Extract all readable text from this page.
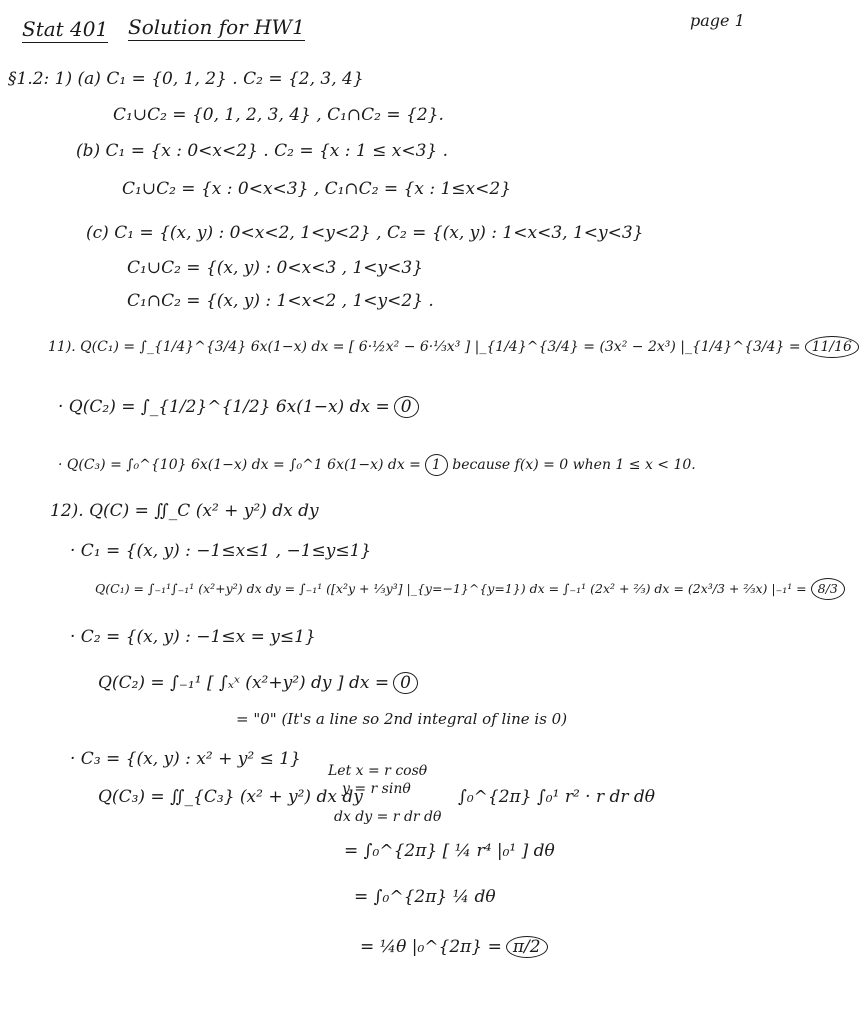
Stat 401 Solution for HW1	page 1
§1.2: 1) (a) C₁ = {0, 1, 2} . C₂ = {2, 3, 4}
C₁∪C₂ = {0, 1, 2, 3, 4} , C₁∩C₂ = {2}.
(b) C₁ = {x : 0<x<2} . C₂ = {x : 1 ≤ x<3} .
C₁∪C₂ = {x : 0<x<3} , C₁∩C₂ = {x : 1≤x<2}
(c) C₁ = {(x, y) : 0<x<2, 1<y<2} , C₂ = {(x, y) : 1<x<3, 1<y<3}
C₁∪C₂ = {(x, y) : 0<x<3 , 1<y<3}
C₁∩C₂ = {(x, y) : 1<x<2 , 1<y<2} .
11). Q(C₁) = ∫_{1/4}^{3/4} 6x(1−x) dx = [ 6·½x² − 6·⅓x³ ] |_{1/4}^{3/4} = (3x² − 2x³) |_{1/4}^{3/4} = 11/16
· Q(C₂) = ∫_{1/2}^{1/2} 6x(1−x) dx = 0
· Q(C₃) = ∫₀^{10} 6x(1−x) dx = ∫₀^1 6x(1−x) dx = 1 because f(x) = 0 when 1 ≤ x < 10.
12). Q(C) = ∬_C (x² + y²) dx dy
· C₁ = {(x, y) : −1≤x≤1 , −1≤y≤1}
Q(C₁) = ∫₋₁¹∫₋₁¹ (x²+y²) dx dy = ∫₋₁¹ ([x²y + ⅓y³] |_{y=−1}^{y=1}) dx = ∫₋₁¹ (2x² + ⅔) dx = (2x³/3 + ⅔x) |₋₁¹ = 8/3
· C₂ = {(x, y) : −1≤x = y≤1}
Q(C₂) = ∫₋₁¹ [ ∫ₓˣ (x²+y²) dy ] dx = 0
= "0" (It's a line so 2nd integral of line is 0)
· C₃ = {(x, y) : x² + y² ≤ 1}
Let x = r cosθ
y = r sinθ
Q(C₃) = ∬_{C₃} (x² + y²) dx dy	∫₀^{2π} ∫₀¹ r² · r dr dθ
dx dy = r dr dθ
= ∫₀^{2π} [ ¼ r⁴ |₀¹ ] dθ
= ∫₀^{2π} ¼ dθ
= ¼θ |₀^{2π} = π/2
